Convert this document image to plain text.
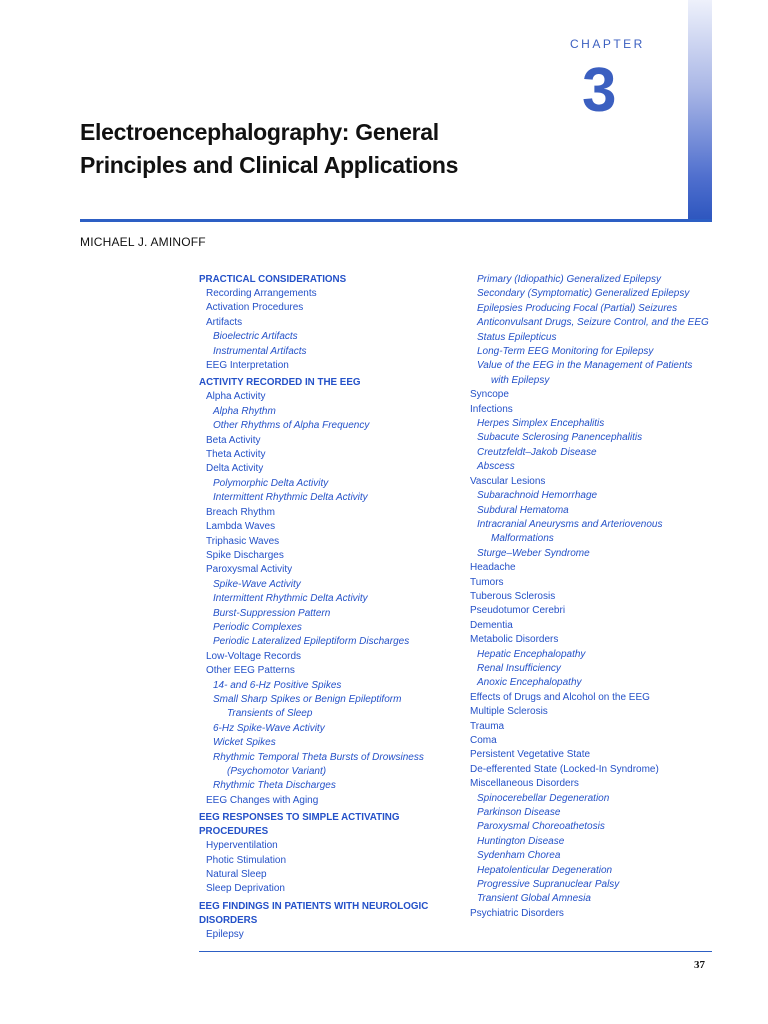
CHAPTER
3
Electroencephalography: General
Principles and Clinical Applications
MICHAEL J. AMINOFF
PRACTICAL CONSIDERATIONS
Recording Arrangements
Activation Procedures
Artifacts
Bioelectric Artifacts
Instrumental Artifacts
EEG Interpretation
ACTIVITY RECORDED IN THE EEG
Alpha Activity
Alpha Rhythm
Other Rhythms of Alpha Frequency
Beta Activity
Theta Activity
Delta Activity
Polymorphic Delta Activity
Intermittent Rhythmic Delta Activity
Breach Rhythm
Lambda Waves
Triphasic Waves
Spike Discharges
Paroxysmal Activity
Spike-Wave Activity
Intermittent Rhythmic Delta Activity
Burst-Suppression Pattern
Periodic Complexes
Periodic Lateralized Epileptiform Discharges
Low-Voltage Records
Other EEG Patterns
14- and 6-Hz Positive Spikes
Small Sharp Spikes or Benign Epileptiform
Transients of Sleep
6-Hz Spike-Wave Activity
Wicket Spikes
Rhythmic Temporal Theta Bursts of Drowsiness
(Psychomotor Variant)
Rhythmic Theta Discharges
EEG Changes with Aging
EEG RESPONSES TO SIMPLE ACTIVATING PROCEDURES
Hyperventilation
Photic Stimulation
Natural Sleep
Sleep Deprivation
EEG FINDINGS IN PATIENTS WITH NEUROLOGIC DISORDERS
Epilepsy
Primary (Idiopathic) Generalized Epilepsy
Secondary (Symptomatic) Generalized Epilepsy
Epilepsies Producing Focal (Partial) Seizures
Anticonvulsant Drugs, Seizure Control, and the EEG
Status Epilepticus
Long-Term EEG Monitoring for Epilepsy
Value of the EEG in the Management of Patients
with Epilepsy
Syncope
Infections
Herpes Simplex Encephalitis
Subacute Sclerosing Panencephalitis
Creutzfeldt–Jakob Disease
Abscess
Vascular Lesions
Subarachnoid Hemorrhage
Subdural Hematoma
Intracranial Aneurysms and Arteriovenous
Malformations
Sturge–Weber Syndrome
Headache
Tumors
Tuberous Sclerosis
Pseudotumor Cerebri
Dementia
Metabolic Disorders
Hepatic Encephalopathy
Renal Insufficiency
Anoxic Encephalopathy
Effects of Drugs and Alcohol on the EEG
Multiple Sclerosis
Trauma
Coma
Persistent Vegetative State
De-efferented State (Locked-In Syndrome)
Miscellaneous Disorders
Spinocerebellar Degeneration
Parkinson Disease
Paroxysmal Choreoathetosis
Huntington Disease
Sydenham Chorea
Hepatolenticular Degeneration
Progressive Supranuclear Palsy
Transient Global Amnesia
Psychiatric Disorders
37
